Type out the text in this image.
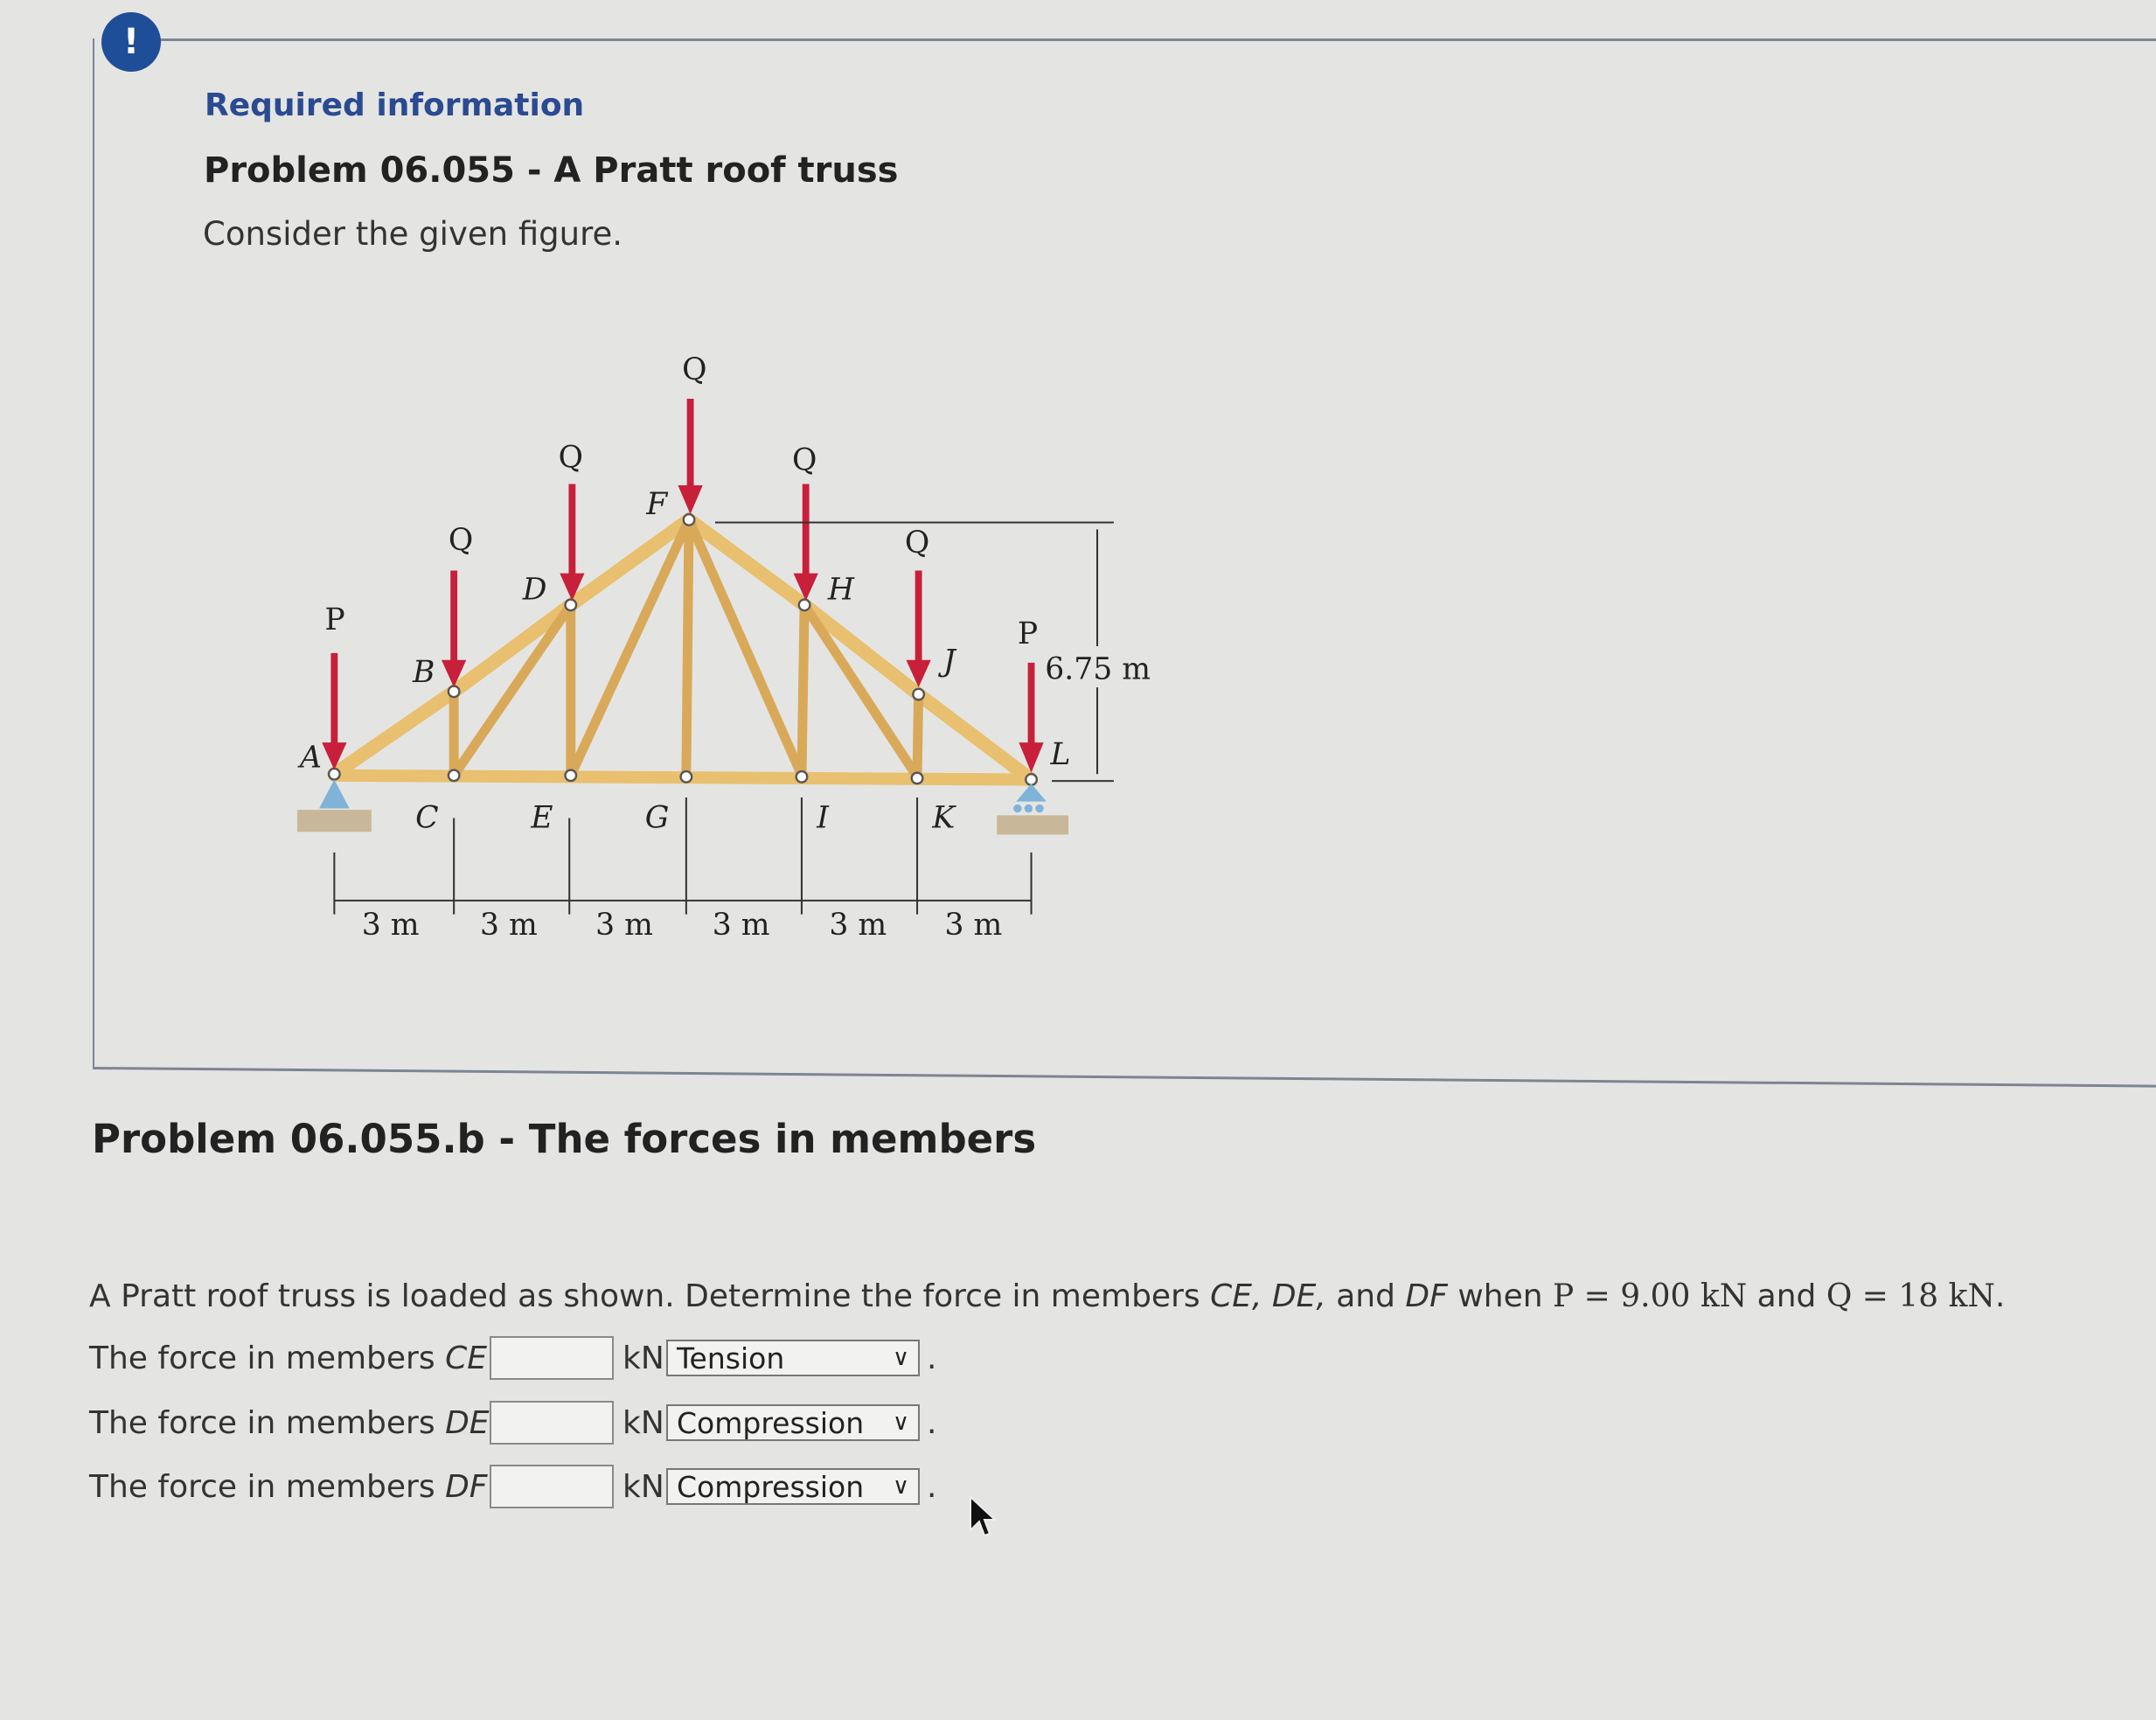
!
Required information
Problem 06.055 - A Pratt roof truss
Consider the given figure.
P
Q
Q
Q
Q
Q
P
A
B
C
D
E
F
G
H
I
J
K
L
6.75 m
3 m	3 m	3 m	3 m	3 m	3 m
Problem 06.055.b - The forces in members
A Pratt roof truss is loaded as shown. Determine the force in members CE, DE, and DF when P = 9.00 kN and Q = 18 kN.
The force in members CE	kN Tension	∨ .
The force in members DE	kN Compression ∨ .
The force in members DF	kN Compression ∨ .
